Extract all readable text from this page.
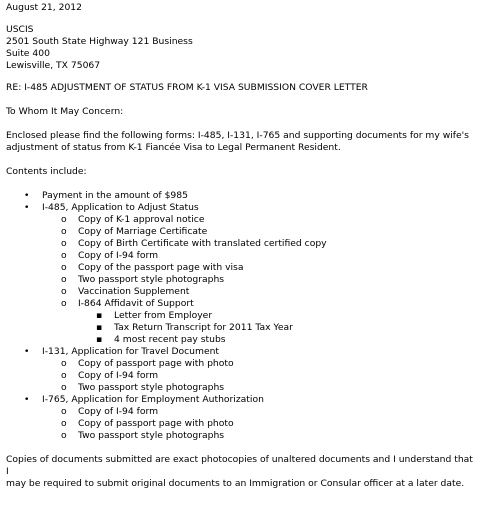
August 21, 2012

USCIS

2501 South State Highway 121 Business

Suite 400

Lewisville, TX 75067

RE: I-485 ADJUSTMENT OF STATUS FROM K-1 VISA SUBMISSION COVER LETTER

To Whom It May Concern:

Enclosed please find the following forms: I-485, I-131, I-765 and supporting documents for my wife's

adjustment of status from K-1 Fiancée Visa to Legal Permanent Resident.

Contents include:

• Payment in the amount of $985
• I-485, Application to Adjust Status
o Copy of K-1 approval notice
o Copy of Marriage Certificate
o Copy of Birth Certificate with translated certified copy
o Copy of I-94 form
o Copy of the passport page with visa
o Two passport style photographs
o Vaccination Supplement
o I-864 Affidavit of Support
▪ Letter from Employer
▪ Tax Return Transcript for 2011 Tax Year
▪ 4 most recent pay stubs
• I-131, Application for Travel Document
o Copy of passport page with photo
o Copy of I-94 form
o Two passport style photographs
• I-765, Application for Employment Authorization
o Copy of I-94 form
o Copy of passport page with photo
o Two passport style photographs

Copies of documents submitted are exact photocopies of unaltered documents and I understand that I

may be required to submit original documents to an Immigration or Consular officer at a later date.
